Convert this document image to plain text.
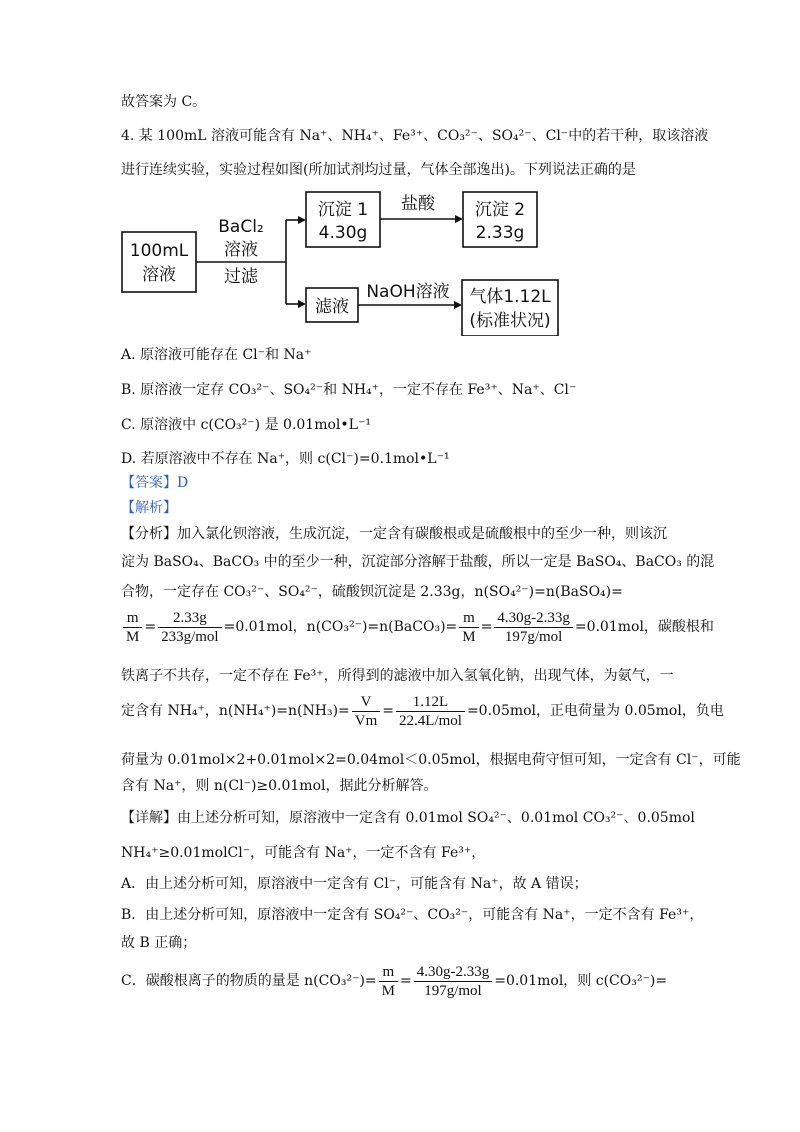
故答案为 C。
4. 某 100mL 溶液可能含有 Na⁺、NH₄⁺、Fe³⁺、CO₃²⁻、SO₄²⁻、Cl⁻中的若干种，取该溶液
进行连续实验，实验过程如图(所加试剂均过量，气体全部逸出)。下列说法正确的是
100mL
溶液
BaCl₂
溶液
过滤
沉淀 1
4.30g
盐酸 沉淀 2
2.33g
滤液
NaOH溶液 气体1.12L
(标准状况)
A. 原溶液可能存在 Cl⁻和 Na⁺
B. 原溶液一定存 CO₃²⁻、SO₄²⁻和 NH₄⁺，一定不存在 Fe³⁺、Na⁺、Cl⁻
C. 原溶液中 c(CO₃²⁻) 是 0.01mol•L⁻¹
D. 若原溶液中不存在 Na⁺，则 c(Cl⁻)=0.1mol•L⁻¹
【答案】D
【解析】
【分析】加入氯化钡溶液，生成沉淀，一定含有碳酸根或是硫酸根中的至少一种，则该沉
淀为 BaSO₄、BaCO₃ 中的至少一种，沉淀部分溶解于盐酸，所以一定是 BaSO₄、BaCO₃ 的混
合物，一定存在 CO₃²⁻、SO₄²⁻，硫酸钡沉淀是 2.33g，n(SO₄²⁻)=n(BaSO₄)=
$\frac{m}{M} = \frac{2.33g}{\text{233g/mol}} =0.01mol$，n(CO₃²⁻)=n(BaCO₃)= $\frac{m}{M} = \frac{4.30g-2.33g}{\text{197g/mol}} =0.01mol$，碳酸根和
铁离子不共存，一定不存在 Fe³⁺，所得到的滤液中加入氢氧化钠，出现气体，为氨气，一
定含有 NH₄⁺，$n(NH_4^+)=n(NH_3)= \frac{V}{Vm} = \frac{1.12L}{\text{22.4L/mol}} =0.05mol$，正电荷量为 0.05mol，负电
荷量为 0.01mol×2+0.01mol×2=0.04mol＜0.05mol，根据电荷守恒可知，一定含有 Cl⁻，可能
含有 Na⁺，则 n(Cl⁻)≥0.01mol，据此分析解答。
【详解】由上述分析可知，原溶液中一定含有 0.01mol SO₄²⁻、0.01mol CO₃²⁻、0.05mol
NH₄⁺≥0.01molCl⁻，可能含有 Na⁺，一定不含有 Fe³⁺，
A．由上述分析可知，原溶液中一定含有 Cl⁻，可能含有 Na⁺，故 A 错误；
B．由上述分析可知，原溶液中一定含有 SO₄²⁻、CO₃²⁻，可能含有 Na⁺，一定不含有 Fe³⁺，
故 B 正确；
C．碳酸根离子的物质的量是 $n(CO_3^{2-})= \frac{m}{M} = \frac{4.30g-2.33g}{\text{197g/mol}} =0.01mol$，则 c(CO₃²⁻)=
